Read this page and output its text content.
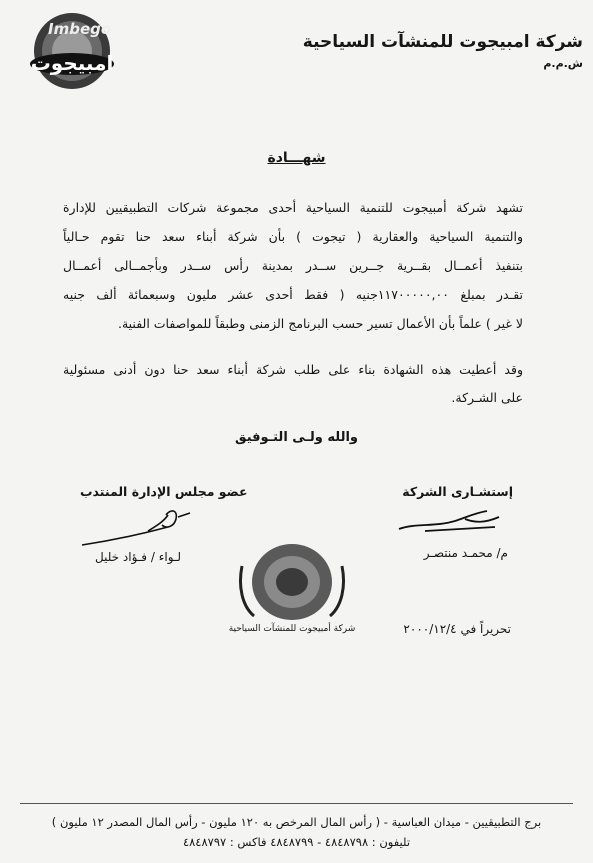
Imbego
امبيجوت
شركة امبيجوت للمنشآت السياحية ش.م.م
شهـــادة
تشهد شركة أمبيجوت للتنمية السياحية أحدى مجموعة شركات التطبيقيين للإدارة
والتنمية السياحية والعقارية ( تيجوت ) بأن شركة أبناء سعد حنا تقوم حـالياً
بتنفيذ أعمــال بقــرية جــرين ســدر بمدينة رأس ســدر وبأجمــالى أعمــال
تقـدر بمبلغ ١١٧٠٠٠٠٠,٠٠جنيه ( فقط أحدى عشر مليون وسبعمائة ألف جنيه
لا غير ) علماً بأن الأعمال تسير حسب البرنامج الزمنى وطبقاً للمواصفات الفنية.
وقد أعطيت هذه الشهادة بناء على طلب شركة أبناء سعد حنا دون أدنى مسئولية
على الشـركة.
والله ولـى التـوفيق
إستشـارى الشركة
عضو مجلس الإدارة المنتدب
م/ محمـد منتصـر
لـواء / فـؤاد خليل
شركة أمبيجوت للمنشآت السياحية	تحريراً في ٢٠٠٠/١٢/٤
برج التطبيقيين - ميدان العباسية - ( رأس المال المرخص به ١٢٠ مليون - رأس المال المصدر ١٢ مليون )
تليفون : ٤٨٤٨٧٩٨ - ٤٨٤٨٧٩٩ فاكس : ٤٨٤٨٧٩٧
